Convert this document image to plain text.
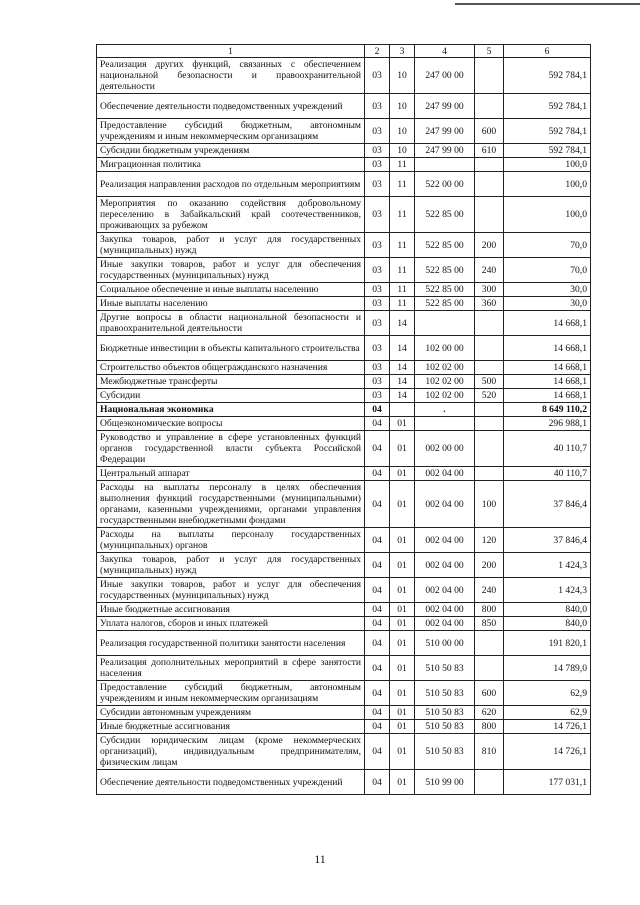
1	2	3	4	5	6
Реализация других функций, связанных с обеспечением национальной безопасности и правоохранительной деятельности	03	10	247 00 00		592 784,1
Обеспечение деятельности подведомственных учреждений	03	10	247 99 00		592 784,1
Предоставление субсидий бюджетным, автономным учреждениям и иным некоммерческим организациям	03	10	247 99 00	600	592 784,1
Субсидии бюджетным учреждениям	03	10	247 99 00	610	592 784,1
Миграционная политика	03	11			100,0
Реализация направления расходов по отдельным мероприятиям	03	11	522 00 00		100,0
Мероприятия по оказанию содействия добровольному переселению в Забайкальский край соотечественников, проживающих за рубежом	03	11	522 85 00		100,0
Закупка товаров, работ и услуг для государственных (муниципальных) нужд	03	11	522 85 00	200	70,0
Иные закупки товаров, работ и услуг для обеспечения государственных (муниципальных) нужд	03	11	522 85 00	240	70,0
Социальное обеспечение и иные выплаты населению	03	11	522 85 00	300	30,0
Иные выплаты населению	03	11	522 85 00	360	30,0
Другие вопросы в области национальной безопасности и правоохранительной деятельности	03	14			14 668,1
Бюджетные инвестиции в объекты капитального строительства	03	14	102 00 00		14 668,1
Строительство объектов общегражданского назначения	03	14	102 02 00		14 668,1
Межбюджетные трансферты	03	14	102 02 00	500	14 668,1
Субсидии	03	14	102 02 00	520	14 668,1
Национальная экономика	04		.		8 649 110,2
Общеэкономические вопросы	04	01			296 988,1
Руководство и управление в сфере установленных функций органов государственной власти субъекта Российской Федерации	04	01	002 00 00		40 110,7
Центральный аппарат	04	01	002 04 00		40 110,7
Расходы на выплаты персоналу в целях обеспечения выполнения функций государственными (муниципальными) органами, казенными учреждениями, органами управления государственными внебюджетными фондами	04	01	002 04 00	100	37 846,4
Расходы на выплаты персоналу государственных (муниципальных) органов	04	01	002 04 00	120	37 846,4
Закупка товаров, работ и услуг для государственных (муниципальных) нужд	04	01	002 04 00	200	1 424,3
Иные закупки товаров, работ и услуг для обеспечения государственных (муниципальных) нужд	04	01	002 04 00	240	1 424,3
Иные бюджетные ассигнования	04	01	002 04 00	800	840,0
Уплата налогов, сборов и иных платежей	04	01	002 04 00	850	840,0
Реализация государственной политики занятости населения	04	01	510 00 00		191 820,1
Реализация дополнительных мероприятий в сфере занятости населения	04	01	510 50 83		14 789,0
Предоставление субсидий бюджетным, автономным учреждениям и иным некоммерческим организациям	04	01	510 50 83	600	62,9
Субсидии автономным учреждениям	04	01	510 50 83	620	62,9
Иные бюджетные ассигнования	04	01	510 50 83	800	14 726,1
Субсидии юридическим лицам (кроме некоммерческих организаций), индивидуальным предпринимателям, физическим лицам	04	01	510 50 83	810	14 726,1
Обеспечение деятельности подведомственных учреждений	04	01	510 99 00		177 031,1
11
